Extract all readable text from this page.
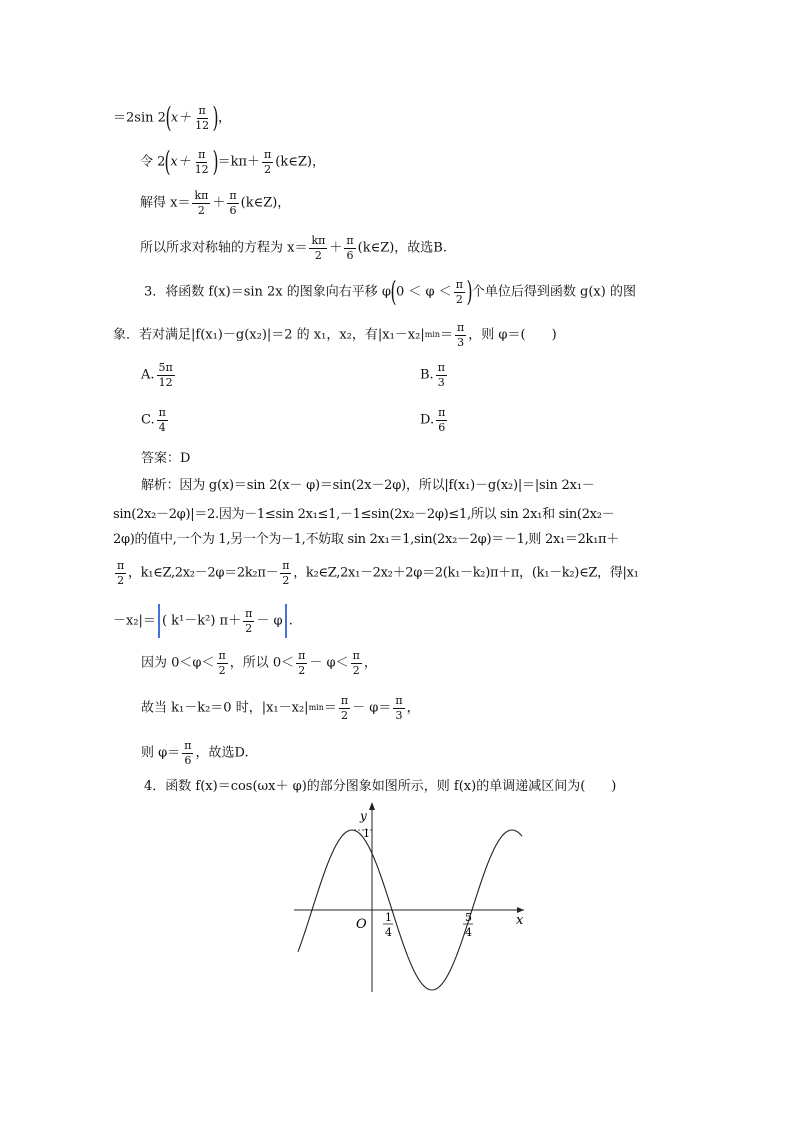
＝2sin $2(x+ \frac{\pi}{12}$ )，
令 $2(x+ \frac{\pi}{12} )=k\pi+ \frac{\pi}{2}$ (k∈Z)，
解得 $x= \frac{k\pi}{2} + \frac{\pi}{6}$ (k∈Z)，
所以所求对称轴的方程为 $x= \frac{k\pi}{2} + \frac{\pi}{6}$ (k∈Z)，故选B.
3．将函数 f(x)＝sin 2x 的图象向右平移 $\varphi(0 < \varphi < \frac{\pi}{2}$ )个单位后得到函数 g(x) 的图
象．若对满足|f(x₁)－g(x₂)|＝2 的 x₁，x₂，有$|x_1-x_2|\min= \frac{\pi}{3}$ ，则 φ＝(　　)
A. $\frac{5\pi}{12}$	B. $\frac{\pi}{3}$
C. $\frac{\pi}{4}$	D. $\frac{\pi}{6}$
答案：D
解析：因为 g(x)＝sin 2(x－ φ)＝sin(2x－2φ)，所以|f(x₁)－g(x₂)|＝|sin 2x₁－
sin(2x₂－2φ)|＝2.因为－1≤sin 2x₁≤1,－1≤sin(2x₂－2φ)≤1,所以 sin 2x₁和 sin(2x₂－
2φ)的值中,一个为 1,另一个为－1,不妨取 sin 2x₁＝1,sin(2x₂－2φ)＝－1,则 2x₁＝2k₁π＋
$\frac{\pi}{2}$ ，k₁∈Z,2x₂－2φ＝2k₂π－ $\frac{\pi}{2}$ ，k₂∈Z,2x₁－2x₂＋2φ＝2(k₁－k₂)π＋π，(k₁－k₂)∈Z，得|x₁
－x₂|＝ ( k¹－k²) $\pi+ \frac{\pi}{2} - \varphi$ .
因为 $0<\varphi< \frac{\pi}{2}$ ，所以 $0< \frac{\pi}{2} - \varphi< \frac{\pi}{2}$ ，
故当 k₁－k₂＝0 时，$|x_1-x_2|\min= \frac{\pi}{2} - \varphi= \frac{\pi}{3}$ ，
则 $\varphi= \frac{\pi}{6}$ ，故选D.
4．函数 f(x)＝cos(ωx＋ φ)的部分图象如图所示，则 f(x)的单调递减区间为(　　)
y
x
O
1
1
4
5
4
